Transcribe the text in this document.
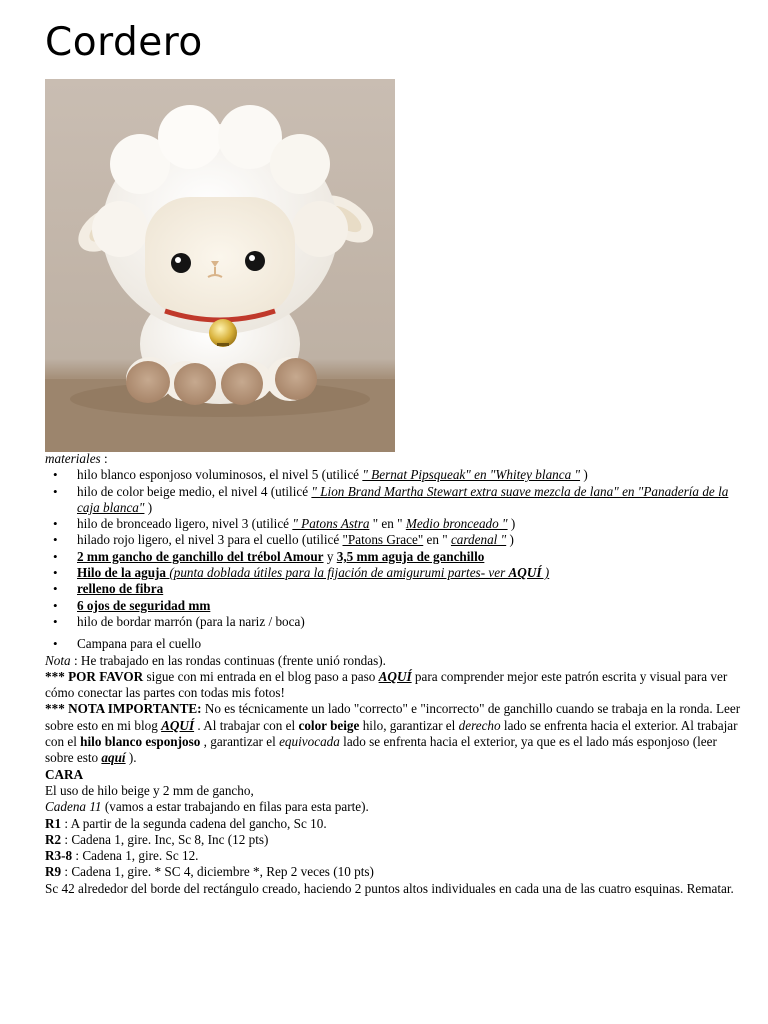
Cordero

materiales :

• hilo blanco esponjoso voluminosos, el nivel 5 (utilicé " Bernat Pipsqueak" en "Whitey blanca " )
• hilo de color beige medio, el nivel 4 (utilicé " Lion Brand Martha Stewart extra suave mezcla de lana" en "Panadería de la caja blanca" )
• hilo de bronceado ligero, nivel 3 (utilicé " Patons Astra " en " Medio bronceado " )
• hilado rojo ligero, el nivel 3 para el cuello (utilicé "Patons Grace" en " cardenal " )
• 2 mm gancho de ganchillo del trébol Amour y 3,5 mm aguja de ganchillo
• Hilo de la aguja (punta doblada útiles para la fijación de amigurumi partes- ver AQUÍ )
• relleno de fibra
• 6 ojos de seguridad mm
• hilo de bordar marrón (para la nariz / boca)
• Campana para el cuello

Nota : He trabajado en las rondas continuas (frente unió rondas).

*** POR FAVOR sigue con mi entrada en el blog paso a paso AQUÍ para comprender mejor este patrón escrita y visual para ver cómo conectar las partes con todas mis fotos!

*** NOTA IMPORTANTE: No es técnicamente un lado "correcto" e "incorrecto" de ganchillo cuando se trabaja en la ronda. Leer sobre esto en mi blog AQUÍ . Al trabajar con el color beige hilo, garantizar el derecho lado se enfrenta hacia el exterior. Al trabajar con el hilo blanco esponjoso , garantizar el equivocada lado se enfrenta hacia el exterior, ya que es el lado más esponjoso (leer sobre esto aquí ).

CARA

El uso de hilo beige y 2 mm de gancho,

Cadena 11 (vamos a estar trabajando en filas para esta parte).

R1 : A partir de la segunda cadena del gancho, Sc 10.

R2 : Cadena 1, gire. Inc, Sc 8, Inc (12 pts)

R3-8 : Cadena 1, gire. Sc 12.

R9 : Cadena 1, gire. * SC 4, diciembre *, Rep 2 veces (10 pts)

Sc 42 alrededor del borde del rectángulo creado, haciendo 2 puntos altos individuales en cada una de las cuatro esquinas. Rematar.
